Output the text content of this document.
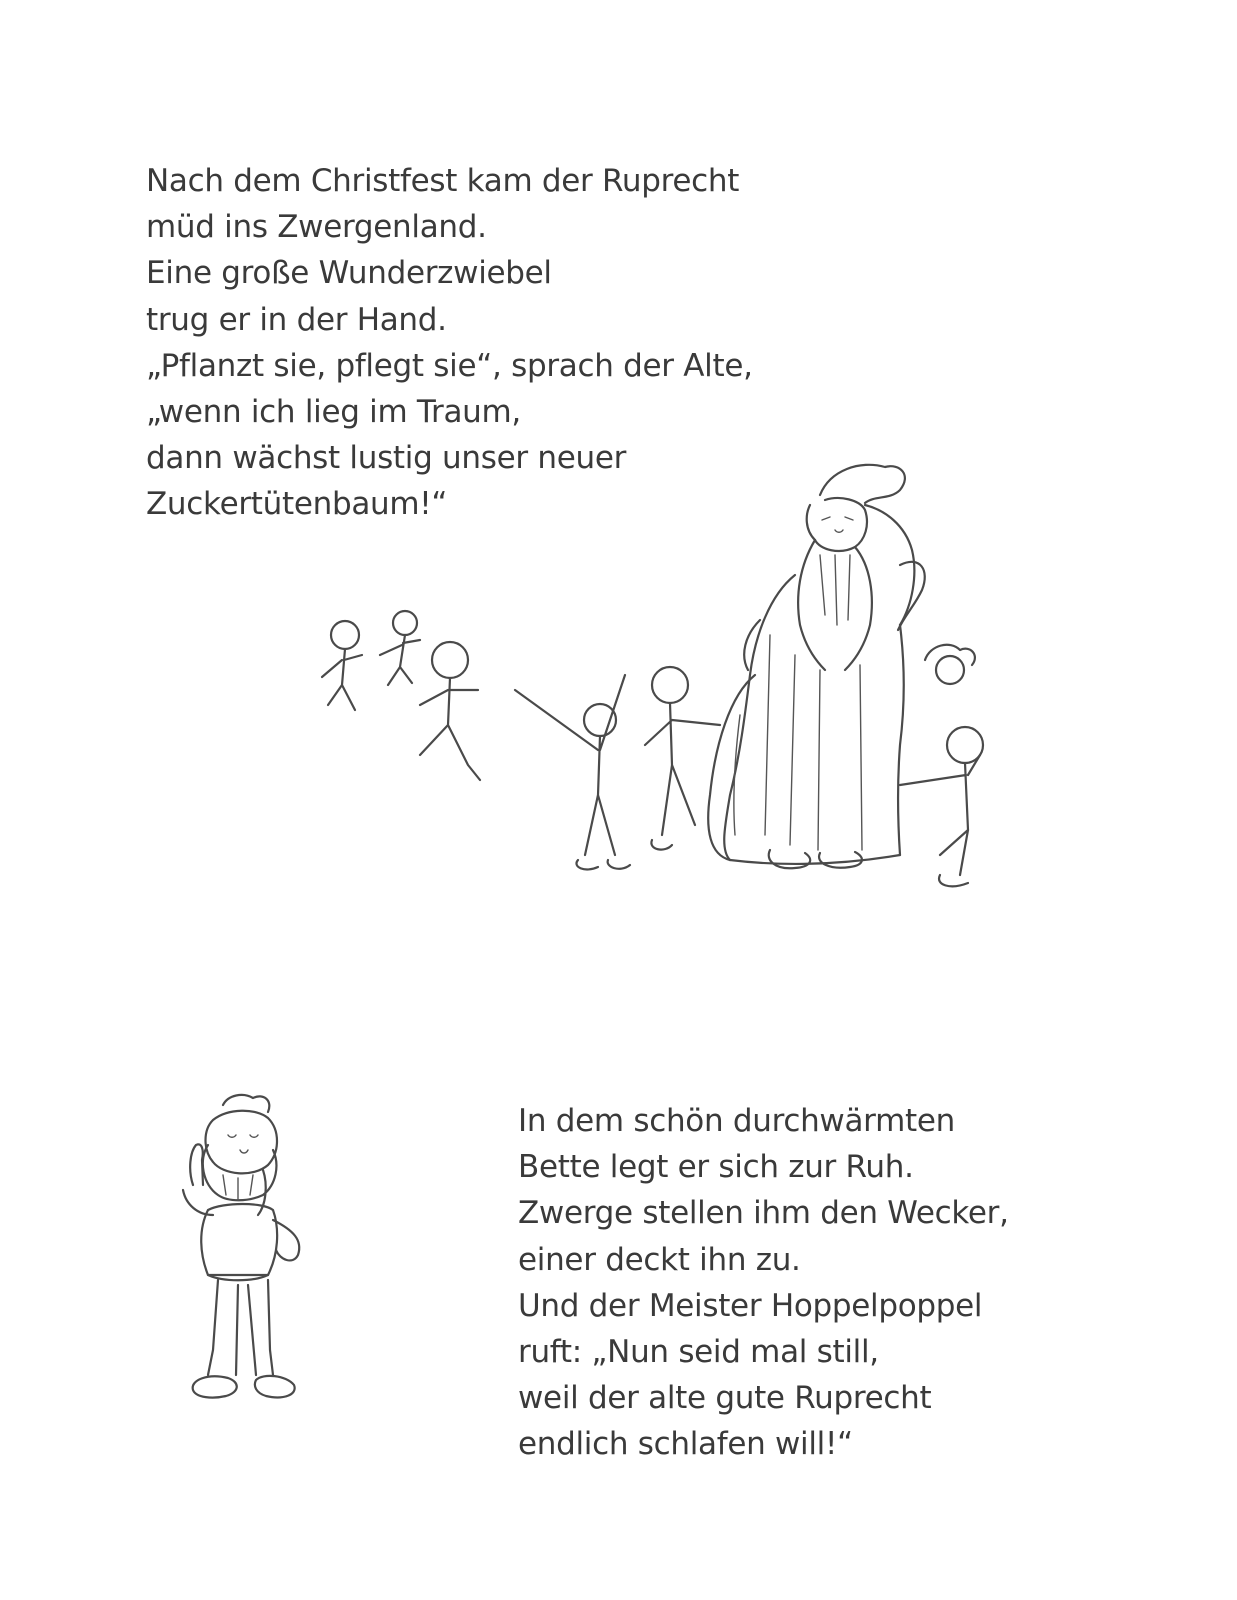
Nach dem Christfest kam der Ruprecht
müd ins Zwergenland.
Eine große Wunderzwiebel
trug er in der Hand.
„Pflanzt sie, pflegt sie“, sprach der Alte,
„wenn ich lieg im Traum,
dann wächst lustig unser neuer
Zuckertütenbaum!“
In dem schön durchwärmten
Bette legt er sich zur Ruh.
Zwerge stellen ihm den Wecker,
einer deckt ihn zu.
Und der Meister Hoppelpoppel
ruft: „Nun seid mal still,
weil der alte gute Ruprecht
endlich schlafen will!“
